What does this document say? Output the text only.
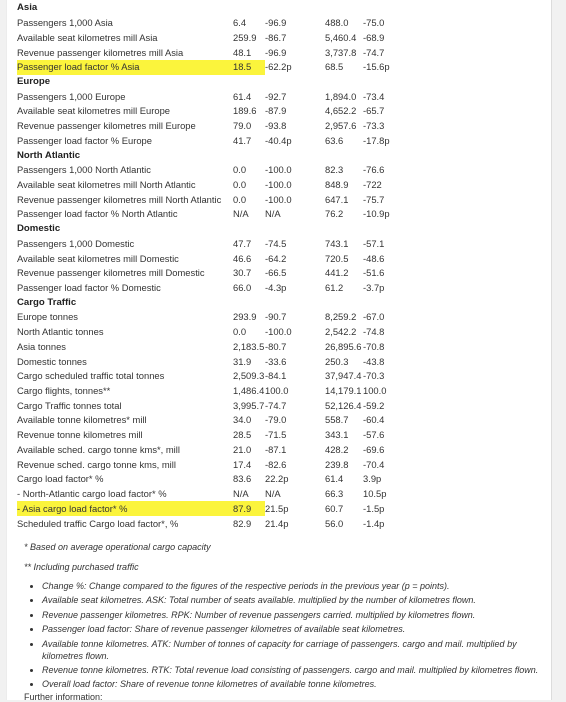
Asia				
Passengers 1,000 Asia	6.4	-96.9	488.0	-75.0
Available seat kilometres mill Asia	259.9	-86.7	5,460.4	-68.9
Revenue passenger kilometres mill Asia	48.1	-96.9	3,737.8	-74.7
Passenger load factor % Asia	18.5	-62.2p	68.5	-15.6p
Europe				
Passengers 1,000 Europe	61.4	-92.7	1,894.0	-73.4
Available seat kilometres mill Europe	189.6	-87.9	4,652.2	-65.7
Revenue passenger kilometres mill Europe	79.0	-93.8	2,957.6	-73.3
Passenger load factor % Europe	41.7	-40.4p	63.6	-17.8p
North Atlantic				
Passengers 1,000 North Atlantic	0.0	-100.0	82.3	-76.6
Available seat kilometres mill North Atlantic	0.0	-100.0	848.9	-722
Revenue passenger kilometres mill North Atlantic	0.0	-100.0	647.1	-75.7
Passenger load factor % North Atlantic	N/A	N/A	76.2	-10.9p
Domestic				
Passengers 1,000 Domestic	47.7	-74.5	743.1	-57.1
Available seat kilometres mill Domestic	46.6	-64.2	720.5	-48.6
Revenue passenger kilometres mill Domestic	30.7	-66.5	441.2	-51.6
Passenger load factor % Domestic	66.0	-4.3p	61.2	-3.7p
Cargo Traffic				
Europe tonnes	293.9	-90.7	8,259.2	-67.0
North Atlantic tonnes	0.0	-100.0	2,542.2	-74.8
Asia tonnes	2,183.5	-80.7	26,895.6	-70.8
Domestic tonnes	31.9	-33.6	250.3	-43.8
Cargo scheduled traffic total tonnes	2,509.3	-84.1	37,947.4	-70.3
Cargo flights, tonnes**	1,486.4	100.0	14,179.1	100.0
Cargo Traffic tonnes total	3,995.7	-74.7	52,126.4	-59.2
Available tonne kilometres* mill	34.0	-79.0	558.7	-60.4
Revenue tonne kilometres mill	28.5	-71.5	343.1	-57.6
Available sched. cargo tonne kms*, mill	21.0	-87.1	428.2	-69.6
Revenue sched. cargo tonne kms, mill	17.4	-82.6	239.8	-70.4
Cargo load factor* %	83.6	22.2p	61.4	3.9p
- North-Atlantic cargo load factor* %	N/A	N/A	66.3	10.5p
- Asia cargo load factor* %	87.9	21.5p	60.7	-1.5p
Scheduled traffic Cargo load factor*, %	82.9	21.4p	56.0	-1.4p

* Based on average operational cargo capacity

** Including purchased traffic

• Change %: Change compared to the figures of the respective periods in the previous year (p = points).
• Available seat kilometres. ASK: Total number of seats available. multiplied by the number of kilometres flown.
• Revenue passenger kilometres. RPK: Number of revenue passengers carried. multiplied by kilometres flown.
• Passenger load factor: Share of revenue passenger kilometres of available seat kilometres.
• Available tonne kilometres. ATK: Number of tonnes of capacity for carriage of passengers. cargo and mail. multiplied by kilometres flown.
• Revenue tonne kilometres. RTK: Total revenue load consisting of passengers. cargo and mail. multiplied by kilometres flown.
• Overall load factor: Share of revenue tonne kilometres of available tonne kilometres.
Further information:
